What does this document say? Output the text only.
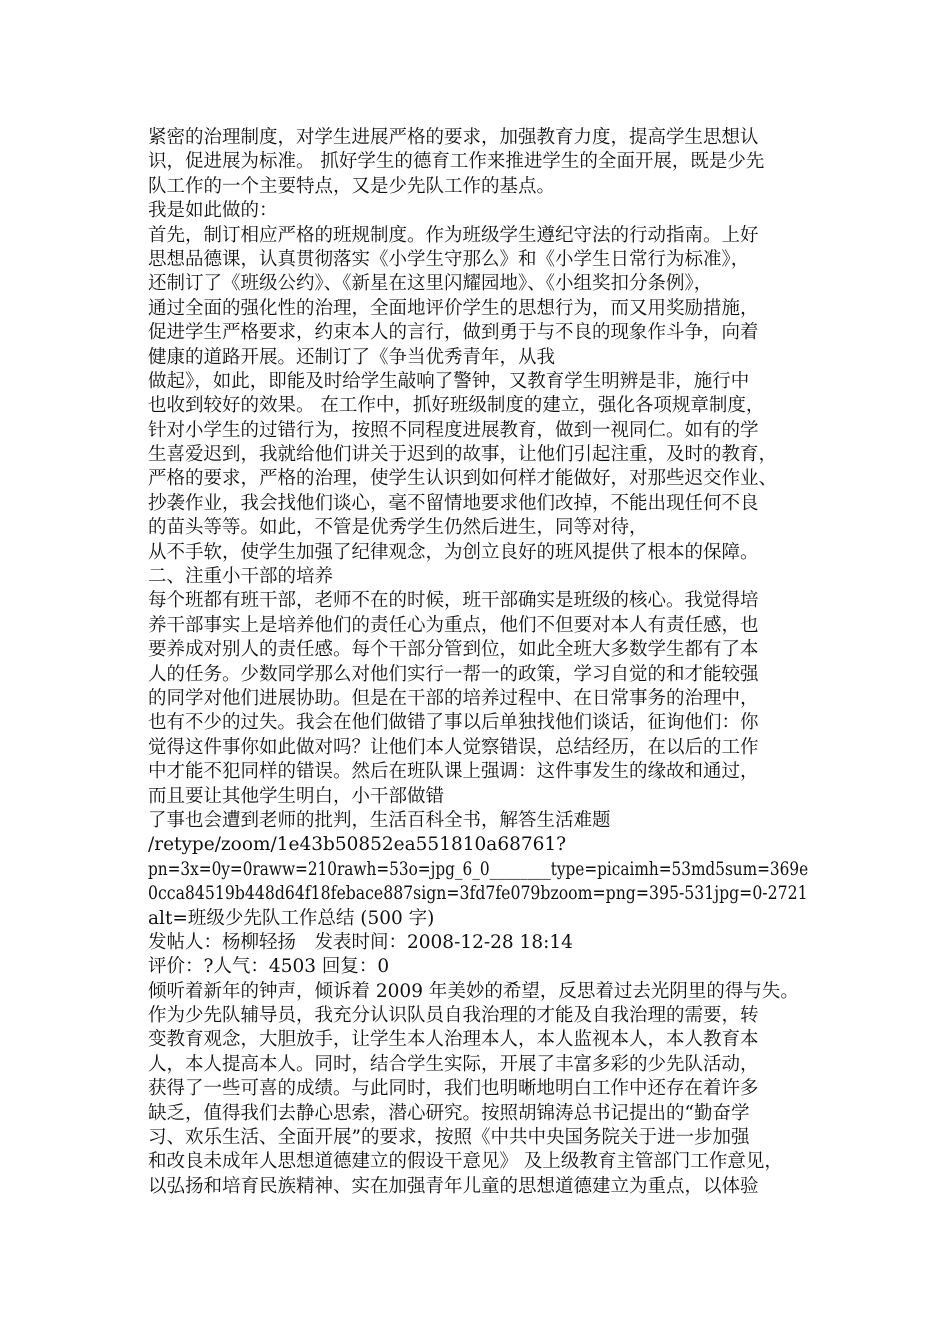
紧密的治理制度，对学生进展严格的要求，加强教育力度，提高学生思想认
识，促进展为标准。 抓好学生的德育工作来推进学生的全面开展，既是少先
队工作的一个主要特点，又是少先队工作的基点。
我是如此做的：
首先，制订相应严格的班规制度。作为班级学生遵纪守法的行动指南。上好
思想品德课，认真贯彻落实《小学生守那么》和《小学生日常行为标准》，
还制订了《班级公约》、《新星在这里闪耀园地》、《小组奖扣分条例》，
通过全面的强化性的治理，全面地评价学生的思想行为，而又用奖励措施，
促进学生严格要求，约束本人的言行，做到勇于与不良的现象作斗争，向着
健康的道路开展。还制订了《争当优秀青年，从我
做起》，如此，即能及时给学生敲响了警钟，又教育学生明辨是非，施行中
也收到较好的效果。 在工作中，抓好班级制度的建立，强化各项规章制度，
针对小学生的过错行为，按照不同程度进展教育，做到一视同仁。如有的学
生喜爱迟到，我就给他们讲关于迟到的故事，让他们引起注重，及时的教育，
严格的要求，严格的治理，使学生认识到如何样才能做好，对那些迟交作业、
抄袭作业，我会找他们谈心，毫不留情地要求他们改掉，不能出现任何不良
的苗头等等。如此，不管是优秀学生仍然后进生，同等对待，
从不手软，使学生加强了纪律观念，为创立良好的班风提供了根本的保障。
二、注重小干部的培养
每个班都有班干部，老师不在的时候，班干部确实是班级的核心。我觉得培
养干部事实上是培养他们的责任心为重点，他们不但要对本人有责任感，也
要养成对别人的责任感。每个干部分管到位，如此全班大多数学生都有了本
人的任务。少数同学那么对他们实行一帮一的政策，学习自觉的和才能较强
的同学对他们进展协助。但是在干部的培养过程中、在日常事务的治理中，
也有不少的过失。我会在他们做错了事以后单独找他们谈话，征询他们：你
觉得这件事你如此做对吗？让他们本人觉察错误，总结经历，在以后的工作
中才能不犯同样的错误。然后在班队课上强调：这件事发生的缘故和通过，
而且要让其他学生明白，小干部做错
了事也会遭到老师的批判，生活百科全书，解答生活难题
/retype/zoom/1e43b50852ea551810a68761?
pn=3x=0y=0raww=210rawh=53o=jpg_6_0________type=picaimh=53md5sum=369e
0cca84519b448d64f18febace887sign=3fd7fe079bzoom=png=395-531jpg=0-2721
alt=班级少先队工作总结 (500 字)
发帖人：杨柳轻扬　发表时间：2008-12-28 18:14
评价：?人气：4503 回复：0
倾听着新年的钟声，倾诉着 2009 年美妙的希望，反思着过去光阴里的得与失。
作为少先队辅导员，我充分认识队员自我治理的才能及自我治理的需要，转
变教育观念，大胆放手，让学生本人治理本人，本人监视本人，本人教育本
人，本人提高本人。同时，结合学生实际，开展了丰富多彩的少先队活动，
获得了一些可喜的成绩。与此同时，我们也明晰地明白工作中还存在着许多
缺乏，值得我们去静心思索，潜心研究。按照胡锦涛总书记提出的“勤奋学
习、欢乐生活、全面开展”的要求，按照《中共中央国务院关于进一步加强
和改良未成年人思想道德建立的假设干意见》 及上级教育主管部门工作意见，
以弘扬和培育民族精神、实在加强青年儿童的思想道德建立为重点，以体验
